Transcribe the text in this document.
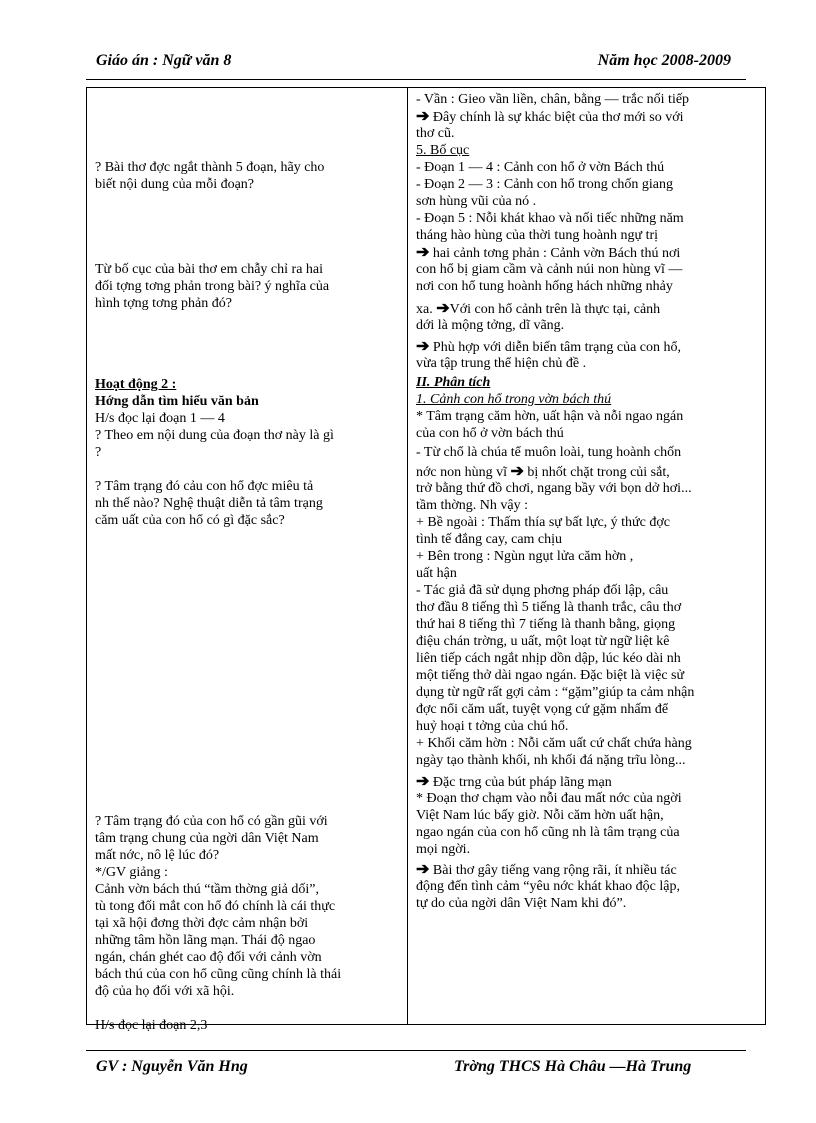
Giáo án : Ngữ văn 8	Năm học 2008-2009
? Bài thơ đợc ngắt thành 5 đoạn, hãy cho
biết nội dung của mỗi đoạn?
Từ bố cục của bài thơ em chẫy chỉ ra hai
đối tợng tơng phản trong bài? ý nghĩa của
hình tợng tơng phản đó?
Hoạt động 2 :
Hớng dẫn tìm hiểu văn bản
H/s đọc lại đoạn 1 — 4
? Theo em nội dung của đoạn thơ này là gì
?
? Tâm trạng đó cảu con hổ đợc miêu tả
nh thế nào? Nghệ thuật diễn tả tâm trạng
căm uất của con hổ có gì đặc sắc?
? Tâm trạng đó của con hổ có gần gũi với
tâm trạng chung của ngời dân Việt Nam
mất nớc, nô lệ lúc đó?
*/GV giảng :
Cảnh vờn bách thú “tầm thờng giả dối”,
tù tong đối mắt con hổ đó chính là cái thực
tại xã hội đơng thời đợc cảm nhận bởi
những tâm hồn lãng mạn. Thái độ ngao
ngán, chán ghét cao độ đối với cảnh vờn
bách thú của con hổ cũng cũng chính là thái
độ của họ đối với xã hội.
H/s đọc lại đoạn 2,3
- Vần : Gieo vần liền, chân, bằng — trắc nối tiếp
➔ Đây chính là sự khác biệt của thơ mới so với
thơ cũ.
5. Bố cục
- Đoạn 1 — 4 : Cảnh con hổ ở vờn Bách thú
- Đoạn 2 — 3 : Cảnh con hổ trong chốn giang
sơn hùng vũi của nó .
- Đoạn 5 : Nỗi khát khao và nối tiếc những năm
tháng hào hùng của thời tung hoành ngự trị
➔ hai cảnh tơng phản : Cảnh vờn Bách thú nơi
con hổ bị giam cầm và cảnh núi non hùng vĩ —
nơi con hổ tung hoành hống hách những nhảy
xa. ➔Với con hổ cảnh trên là thực tại, cảnh
dới là mộng tởng, dĩ vãng.
➔ Phù hợp với diễn biến tâm trạng của con hổ,
vừa tập trung thể hiện chủ đề .
II. Phân tích
1. Cảnh con hổ trong vờn bách thú
* Tâm trạng căm hờn, uất hận và nỗi ngao ngán
của con hổ ở vờn bách thú
- Từ chổ là chúa tể muôn loài, tung hoành chốn
nớc non hùng vĩ ➔ bị nhốt chặt trong củi sắt,
trở bằng thứ đồ chơi, ngang bầy với bọn dở hơi...
tầm thờng. Nh vậy :
+ Bề ngoài : Thấm thía sự bất lực, ý thức đợc
tình tế đắng cay, cam chịu
+ Bên trong : Ngùn ngụt lửa căm hờn ,
uất hận
- Tác giả đã sử dụng phơng pháp đối lập, câu
thơ đầu 8 tiếng thì 5 tiếng là thanh trắc, câu thơ
thứ hai 8 tiếng thì 7 tiếng là thanh bằng, giọng
điệu chán trờng, u uất, một loạt từ ngữ liệt kê
liên tiếp cách ngắt nhịp dồn dập, lúc kéo dài nh
một tiếng thở dài ngao ngán. Đặc biệt là việc sử
dụng từ ngữ rất gợi cảm : “gặm”giúp ta cảm nhận
đợc nổi căm uất, tuyệt vọng cứ gặm nhấm để
huỷ hoại t tởng của chú hổ.
+ Khối căm hờn : Nỗi căm uất cứ chất chứa hàng
ngày tạo thành khối, nh khối đá nặng trĩu lòng...
➔ Đặc trng của bút pháp lãng mạn
* Đoạn thơ chạm vào nỗi đau mất nớc của ngời
Việt Nam lúc bấy giờ. Nỗi căm hờn uất hận,
ngao ngán của con hổ cũng nh là tâm trạng của
mọi ngời.
➔ Bài thơ gây tiếng vang rộng rãi, ít nhiều tác
động đến tình cảm “yêu nớc khát khao độc lập,
tự do của ngời dân Việt Nam khi đó”.
GV : Nguyễn Văn Hng	Trờng THCS Hà Châu —Hà Trung
